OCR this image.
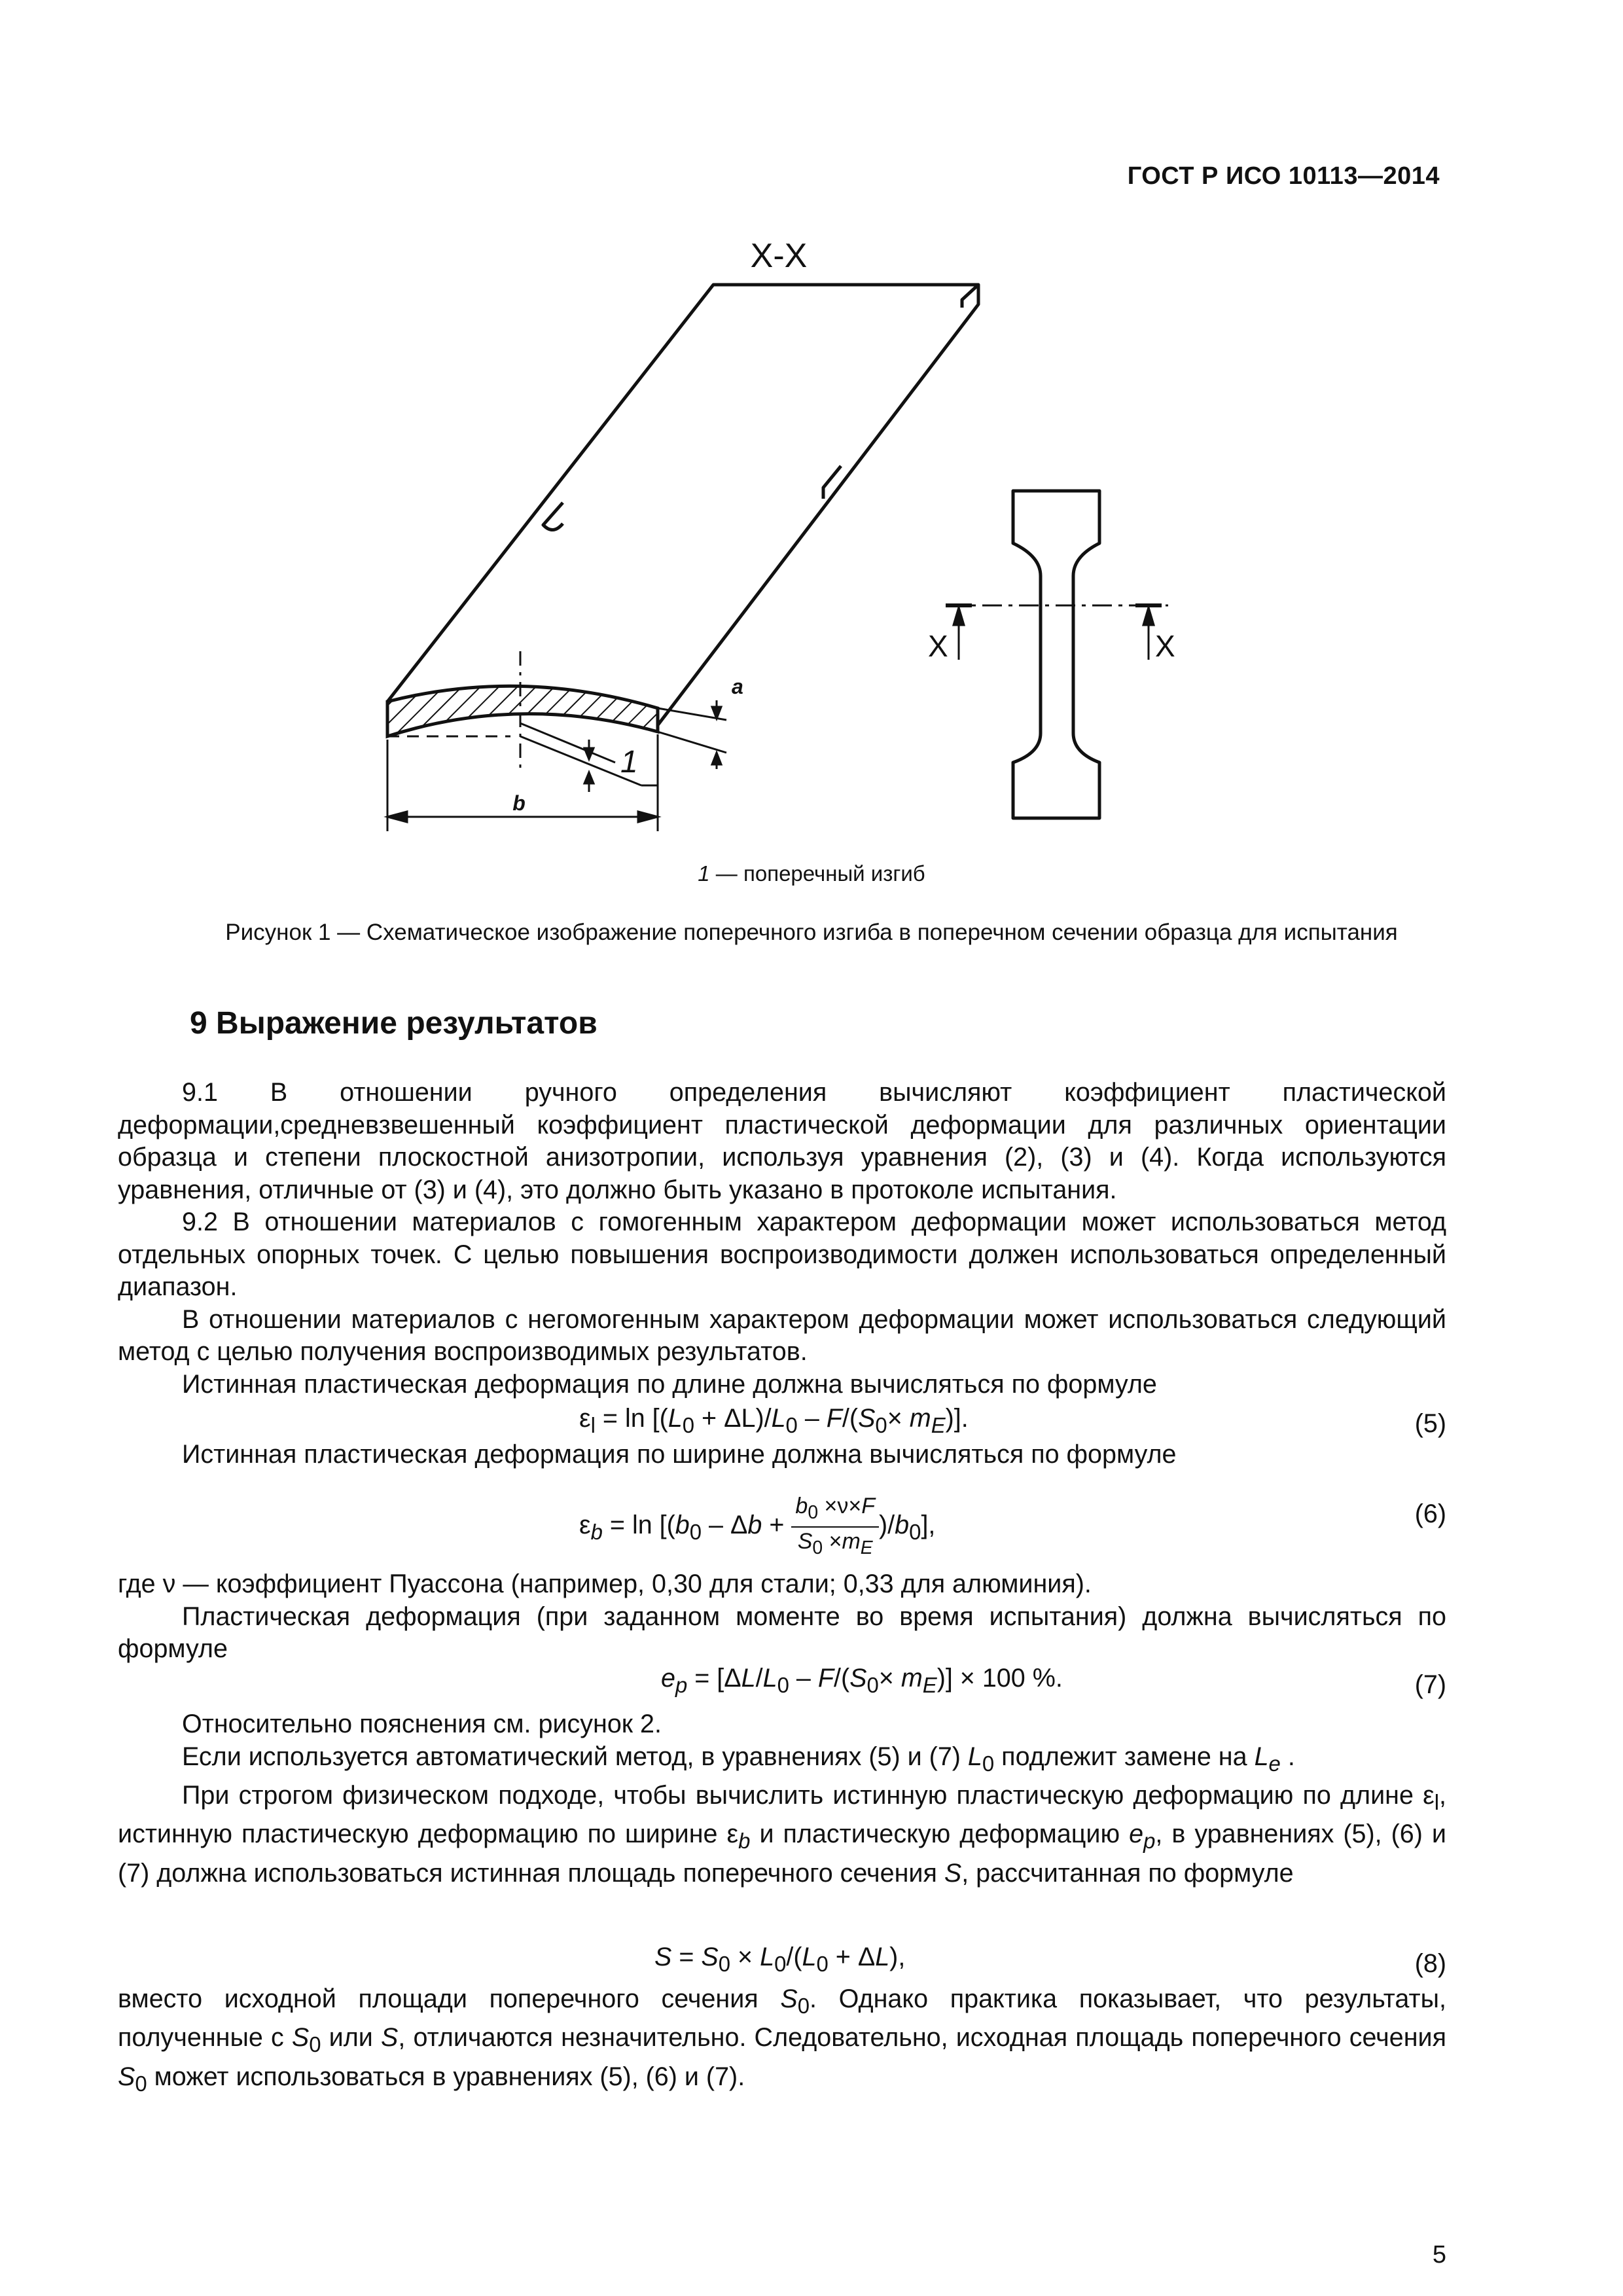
ГОСТ Р ИСО 10113—2014
X-X
a
b
1
X	X
1 — поперечный изгиб
Рисунок 1 — Схематическое изображение поперечного изгиба в поперечном сечении образца для испытания
9 Выражение результатов

9.1 В отношении ручного определения вычисляют коэффициент пластической деформации,средневзвешенный коэффициент пластической деформации для различных ориентации образца и степени плоскостной анизотропии, используя уравнения (2), (3) и (4). Когда используются уравнения, отличные от (3) и (4), это должно быть указано в протоколе испытания.

9.2 В отношении материалов с гомогенным характером деформации может использоваться метод отдельных опорных точек. С целью повышения воспроизводимости должен использоваться определенный диапазон.

В отношении материалов с негомогенным характером деформации может использоваться следующий метод с целью получения воспроизводимых результатов.

Истинная пластическая деформация по длине должна вычисляться по формуле

$\varepsilon_l = \ln [(L_0 + \Delta L)/L_0 - F/(S_0\times m_E)]$.	(5)

Истинная пластическая деформация по ширине должна вычисляться по формуле

$\varepsilon_b = \ln [(b_0 - \Delta b + \frac{b_0 \times\nu\times F}{S_0 \times m_E} )/b_0]$,	(6)

где ν — коэффициент Пуассона (например, 0,30 для стали; 0,33 для алюминия).

Пластическая деформация (при заданном моменте во время испытания) должна вычисляться по формуле

$e_p = [\Delta L/L_0 - F/(S_0\times m_E)] \times 100$ %.	(7)

Относительно пояснения см. рисунок 2.

Если используется автоматический метод, в уравнениях (5) и (7) $L_0$ подлежит замене на $L_e$ .

При строгом физическом подходе, чтобы вычислить истинную пластическую деформацию по длине $\varepsilon_l$, истинную пластическую деформацию по ширине $\varepsilon_b$ и пластическую деформацию $e_p$, в уравнениях (5), (6) и (7) должна использоваться истинная площадь поперечного сечения S, рассчитанная по формуле

$S = S_0 \times L_0/(L_0 + \Delta L)$,	(8)

вместо исходной площади поперечного сечения $S_0$. Однако практика показывает, что результаты, полученные с $S_0$ или S, отличаются незначительно. Следовательно, исходная площадь поперечного сечения $S_0$ может использоваться в уравнениях (5), (6) и (7).

5
